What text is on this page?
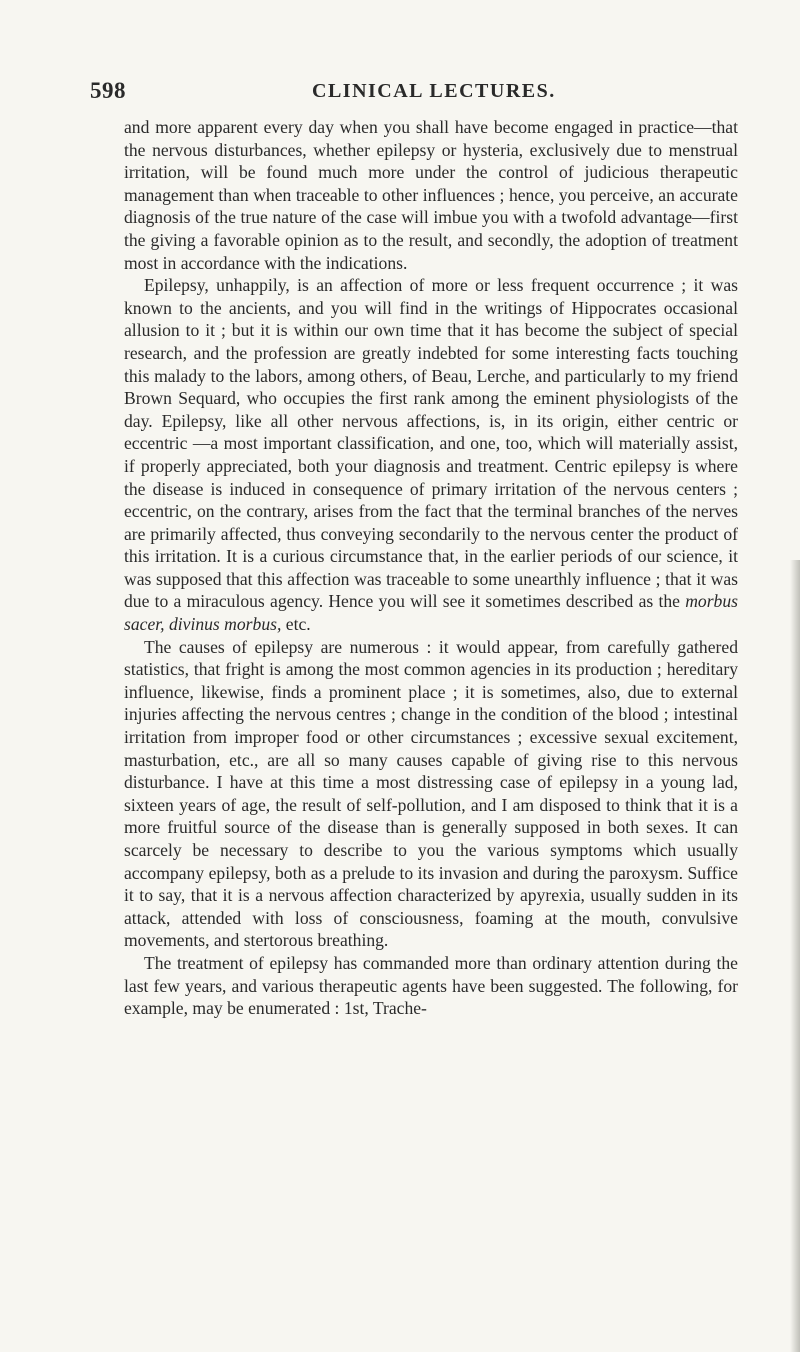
598	CLINICAL LECTURES.

and more apparent every day when you shall have become engaged in practice—that the nervous disturbances, whether epilepsy or hysteria, exclusively due to menstrual irritation, will be found much more under the control of judicious therapeutic management than when traceable to other influences ; hence, you perceive, an accurate diagnosis of the true nature of the case will imbue you with a twofold advantage—first the giving a favorable opinion as to the result, and secondly, the adoption of treatment most in accordance with the indications.

Epilepsy, unhappily, is an affection of more or less frequent occurrence ; it was known to the ancients, and you will find in the writings of Hippocrates occasional allusion to it ; but it is within our own time that it has become the subject of special research, and the profession are greatly indebted for some interesting facts touching this malady to the labors, among others, of Beau, Lerche, and particularly to my friend Brown Sequard, who occupies the first rank among the eminent physiologists of the day. Epilepsy, like all other nervous affections, is, in its origin, either centric or eccentric —a most important classification, and one, too, which will materially assist, if properly appreciated, both your diagnosis and treatment. Centric epilepsy is where the disease is induced in consequence of primary irritation of the nervous centers ; eccentric, on the contrary, arises from the fact that the terminal branches of the nerves are primarily affected, thus conveying secondarily to the nervous center the product of this irritation. It is a curious circumstance that, in the earlier periods of our science, it was supposed that this affection was traceable to some unearthly influence ; that it was due to a miraculous agency. Hence you will see it sometimes described as the morbus sacer, divinus morbus, etc.

The causes of epilepsy are numerous : it would appear, from carefully gathered statistics, that fright is among the most common agencies in its production ; hereditary influence, likewise, finds a prominent place ; it is sometimes, also, due to external injuries affecting the nervous centres ; change in the condition of the blood ; intestinal irritation from improper food or other circumstances ; excessive sexual excitement, masturbation, etc., are all so many causes capable of giving rise to this nervous disturbance. I have at this time a most distressing case of epilepsy in a young lad, sixteen years of age, the result of self-pollution, and I am disposed to think that it is a more fruitful source of the disease than is generally supposed in both sexes. It can scarcely be necessary to describe to you the various symptoms which usually accompany epilepsy, both as a prelude to its invasion and during the paroxysm. Suffice it to say, that it is a nervous affection characterized by apyrexia, usually sudden in its attack, attended with loss of consciousness, foaming at the mouth, convulsive movements, and stertorous breathing.

The treatment of epilepsy has commanded more than ordinary attention during the last few years, and various therapeutic agents have been suggested. The following, for example, may be enumerated : 1st, Trache-
